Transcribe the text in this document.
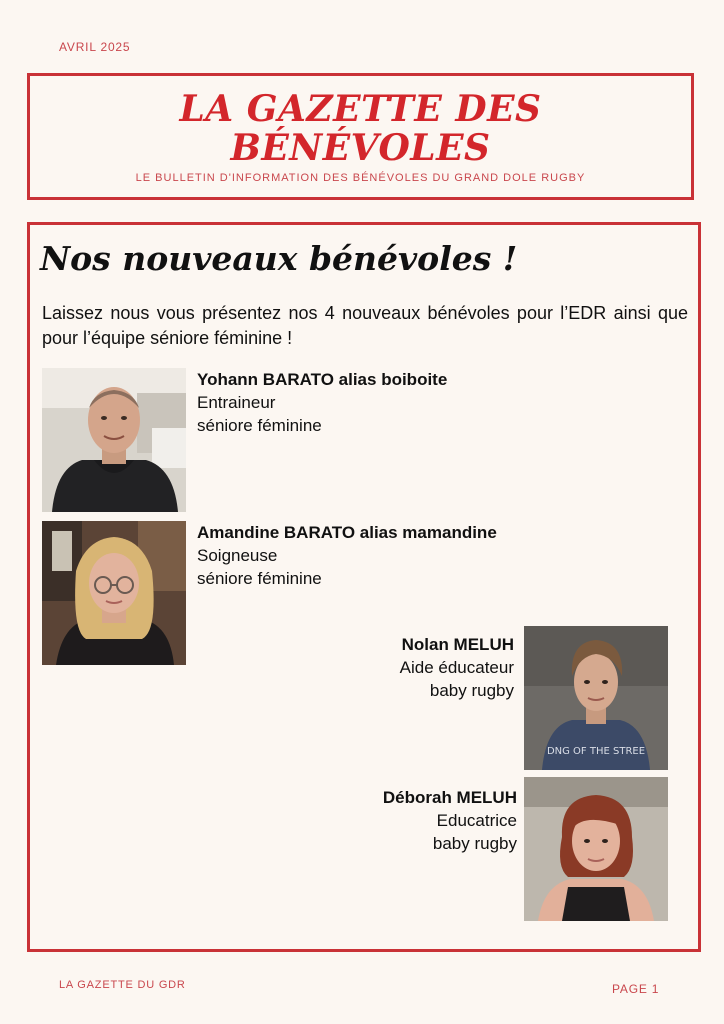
AVRIL 2025
LA GAZETTE DES
BÉNÉVOLES
LE BULLETIN D'INFORMATION DES BÉNÉVOLES DU GRAND DOLE RUGBY
Nos nouveaux bénévoles !

Laissez nous vous présentez nos 4 nouveaux bénévoles pour l’EDR ainsi que pour l’équipe séniore féminine !

Yohann BARATO alias boiboite
Entraineur
séniore féminine
Amandine BARATO alias mamandine
Soigneuse
séniore féminine
Nolan MELUH
Aide éducateur
baby rugby
DNG OF THE STREE
Déborah MELUH
Educatrice
baby rugby
LA GAZETTE DU GDR	PAGE 1
